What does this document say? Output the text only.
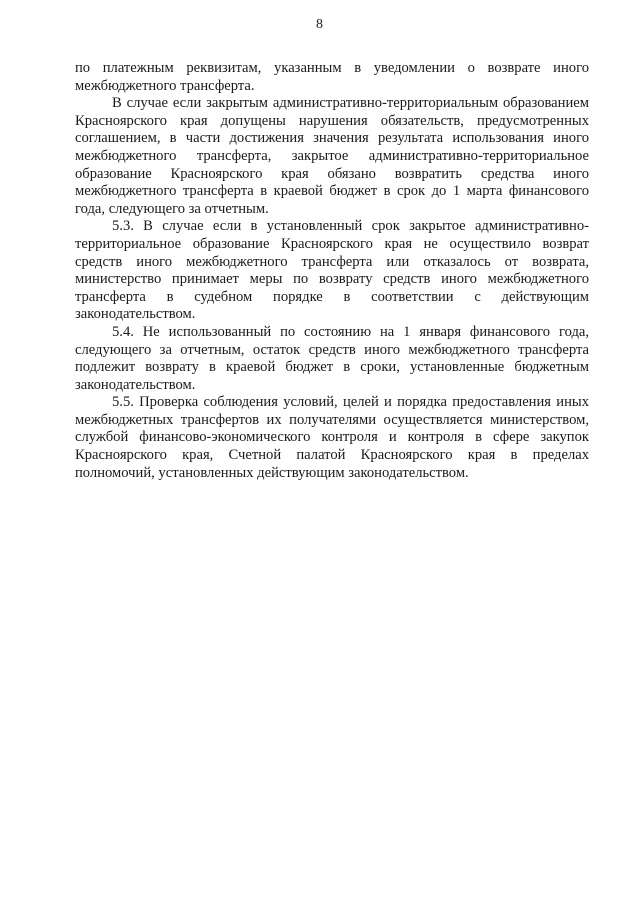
8

по платежным реквизитам, указанным в уведомлении о возврате иного межбюджетного трансферта.

В случае если закрытым административно-территориальным образованием Красноярского края допущены нарушения обязательств, предусмотренных соглашением, в части достижения значения результата использования иного межбюджетного трансферта, закрытое административно-территориальное образование Красноярского края обязано возвратить средства иного межбюджетного трансферта в краевой бюджет в срок до 1 марта финансового года, следующего за отчетным.

5.3. В случае если в установленный срок закрытое административно-территориальное образование Красноярского края не осуществило возврат средств иного межбюджетного трансферта или отказалось от возврата, министерство принимает меры по возврату средств иного межбюджетного трансферта в судебном порядке в соответствии с действующим законодательством.

5.4. Не использованный по состоянию на 1 января финансового года, следующего за отчетным, остаток средств иного межбюджетного трансферта подлежит возврату в краевой бюджет в сроки, установленные бюджетным законодательством.

5.5. Проверка соблюдения условий, целей и порядка предоставления иных межбюджетных трансфертов их получателями осуществляется министерством, службой финансово-экономического контроля и контроля в сфере закупок Красноярского края, Счетной палатой Красноярского края в пределах полномочий, установленных действующим законодательством.
